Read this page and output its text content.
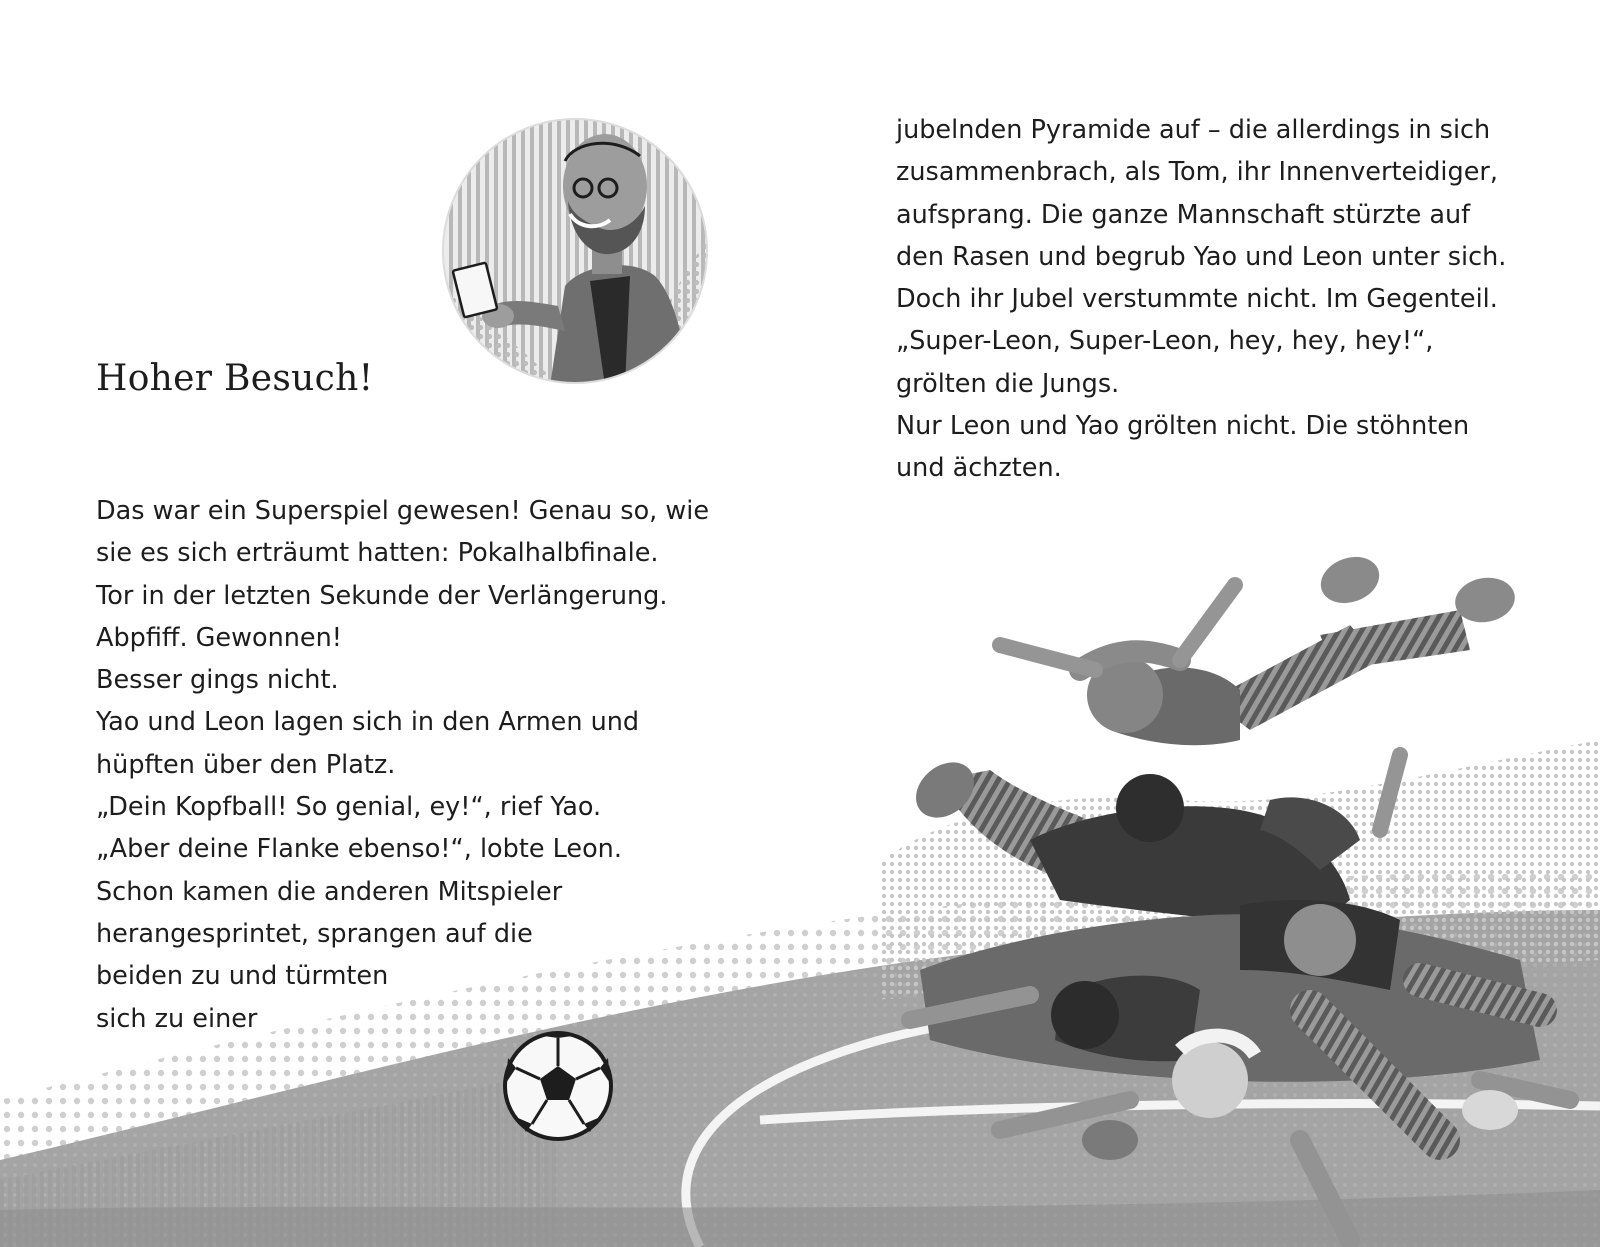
Hoher Besuch!
Das war ein Superspiel gewesen! Genau so, wie
sie es sich erträumt hatten: Pokalhalbfinale.
Tor in der letzten Sekunde der Verlängerung.
Abpfiff. Gewonnen!
Besser gings nicht.
Yao und Leon lagen sich in den Armen und
hüpften über den Platz.
„Dein Kopfball! So genial, ey!“, rief Yao.
„Aber deine Flanke ebenso!“, lobte Leon.
Schon kamen die anderen Mitspieler
herangesprintet, sprangen auf die
beiden zu und türmten
sich zu einer
jubelnden Pyramide auf – die allerdings in sich
zusammenbrach, als Tom, ihr Innenverteidiger,
aufsprang. Die ganze Mannschaft stürzte auf
den Rasen und begrub Yao und Leon unter sich.
Doch ihr Jubel verstummte nicht. Im Gegenteil.
„Super-Leon, Super-Leon, hey, hey, hey!“,
grölten die Jungs.
Nur Leon und Yao grölten nicht. Die stöhnten
und ächzten.
